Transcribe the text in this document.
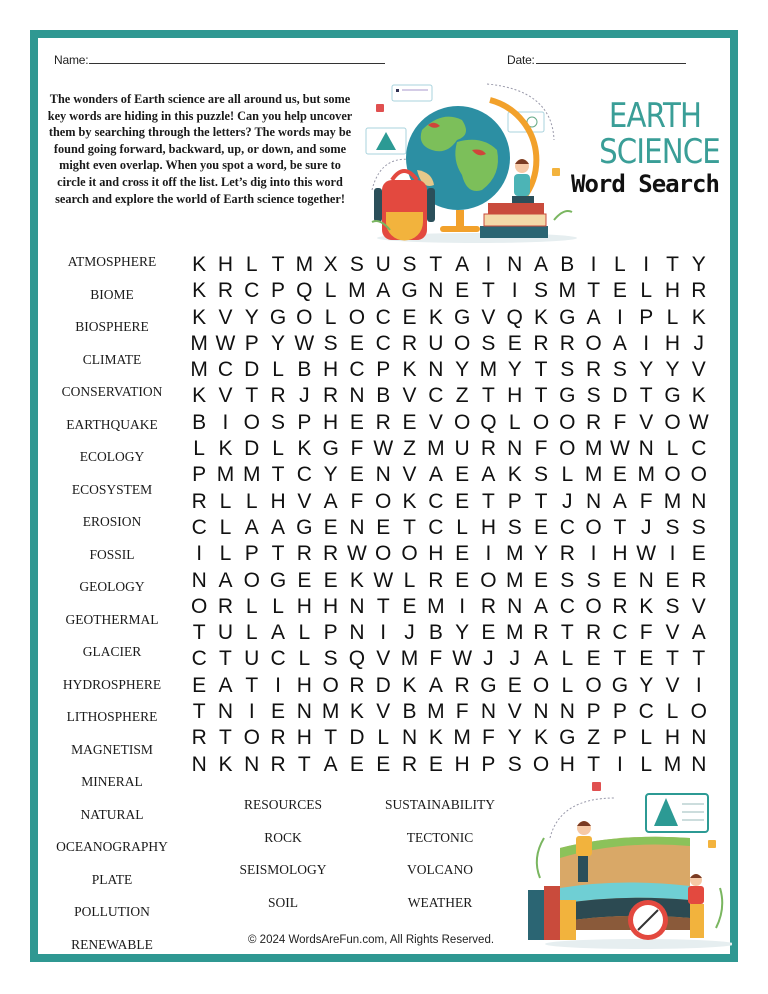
Name:	Date:
The wonders of Earth science are all around us, but some key words are hiding in this puzzle! Can you help uncover them by searching through the letters? The words may be found going forward, backward, up, or down, and some might even overlap. When you spot a word, be sure to circle it and cross it off the list. Let’s dig into this word search and explore the world of Earth science together!
EARTH
SCIENCE
Word Search
ATMOSPHERE
BIOME
BIOSPHERE
CLIMATE
CONSERVATION
EARTHQUAKE
ECOLOGY
ECOSYSTEM
EROSION
FOSSIL
GEOLOGY
GEOTHERMAL
GLACIER
HYDROSPHERE
LITHOSPHERE
MAGNETISM
MINERAL
NATURAL
OCEANOGRAPHY
PLATE
POLLUTION
RENEWABLE
K H L T M X S U S T A I N A B I L I T Y
K R C P Q L M A G N E T I S M T E L H R
K V Y G O L O C E K G V Q K G A I P L K
M W P Y W S E C R U O S E R R O A I H J
M C D L B H C P K N Y M Y T S R S Y Y V
K V T R J R N B V C Z T H T G S D T G K
B I O S P H E R E V O Q L O O R F V O W
L K D L K G F W Z M U R N F O M W N L C
P M M T C Y E N V A E A K S L M E M O O
R L L H V A F O K C E T P T J N A F M N
C L A A G E N E T C L H S E C O T J S S
I L P T R R W O O H E I M Y R I H W I E
N A O G E E K W L R E O M E S S E N E R
O R L L H H N T E M I R N A C O R K S V
T U L A L P N I J B Y E M R T R C F V A
C T U C L S Q V M F W J J A L E T E T T
E A T I H O R D K A R G E O L O G Y V I
T N I E N M K V B M F N V N N P P C L O
R T O R H T D L N K M F Y K G Z P L H N
N K N R T A E E R E H P S O H T I L M N
RESOURCES
ROCK
SEISMOLOGY
SOIL
SUSTAINABILITY
TECTONIC
VOLCANO
WEATHER
© 2024 WordsAreFun.com, All Rights Reserved.
